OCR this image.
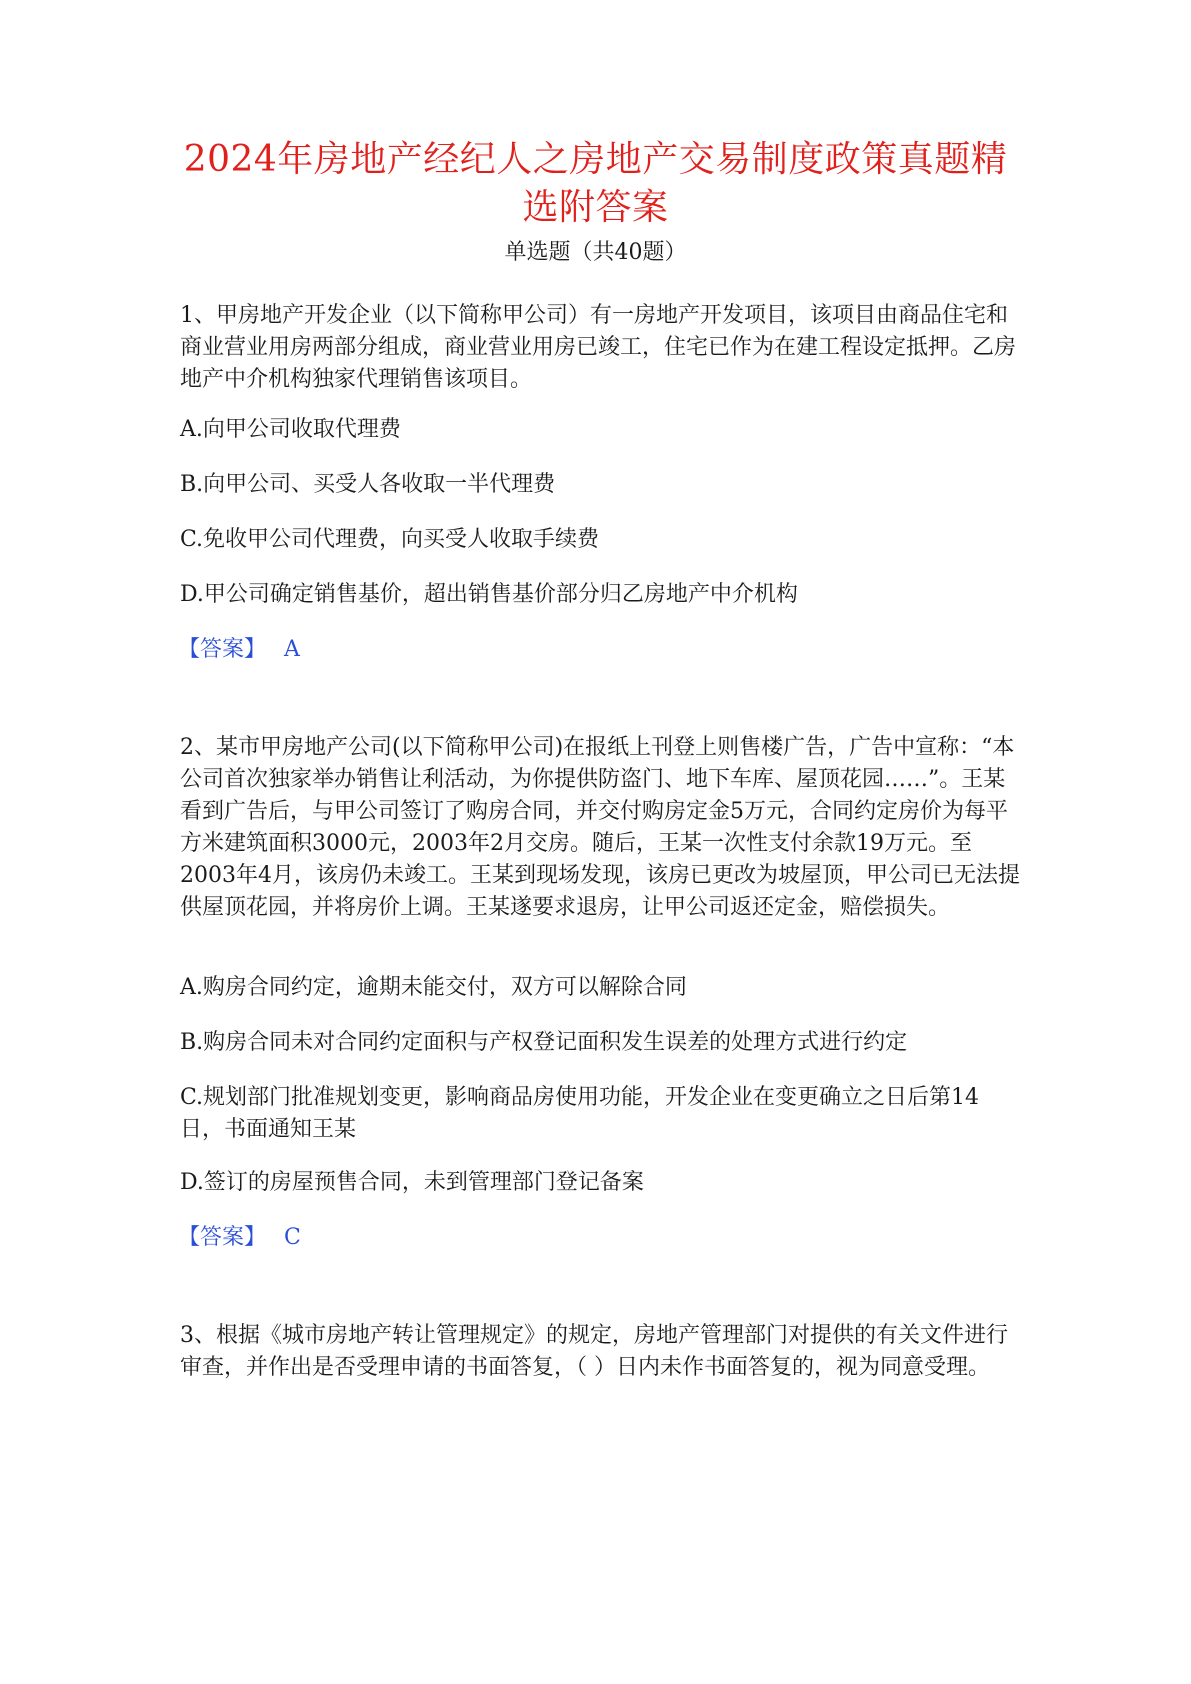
2024年房地产经纪人之房地产交易制度政策真题精
选附答案
单选题（共40题）

1、甲房地产开发企业（以下简称甲公司）有一房地产开发项目，该项目由商品住宅和商业营业用房两部分组成，商业营业用房已竣工，住宅已作为在建工程设定抵押。乙房地产中介机构独家代理销售该项目。

A.向甲公司收取代理费

B.向甲公司、买受人各收取一半代理费

C.免收甲公司代理费，向买受人收取手续费

D.甲公司确定销售基价，超出销售基价部分归乙房地产中介机构

【答案】 A

2、某市甲房地产公司(以下简称甲公司)在报纸上刊登上则售楼广告，广告中宣称：“本公司首次独家举办销售让利活动，为你提供防盗门、地下车库、屋顶花园……”。王某看到广告后，与甲公司签订了购房合同，并交付购房定金5万元，合同约定房价为每平方米建筑面积3000元，2003年2月交房。随后，王某一次性支付余款19万元。至2003年4月，该房仍未竣工。王某到现场发现，该房已更改为坡屋顶，甲公司已无法提供屋顶花园，并将房价上调。王某遂要求退房，让甲公司返还定金，赔偿损失。

A.购房合同约定，逾期未能交付，双方可以解除合同

B.购房合同未对合同约定面积与产权登记面积发生误差的处理方式进行约定

C.规划部门批准规划变更，影响商品房使用功能，开发企业在变更确立之日后第14日，书面通知王某

D.签订的房屋预售合同，未到管理部门登记备案

【答案】 C

3、根据《城市房地产转让管理规定》的规定，房地产管理部门对提供的有关文件进行审查，并作出是否受理申请的书面答复，（ ）日内未作书面答复的，视为同意受理。
